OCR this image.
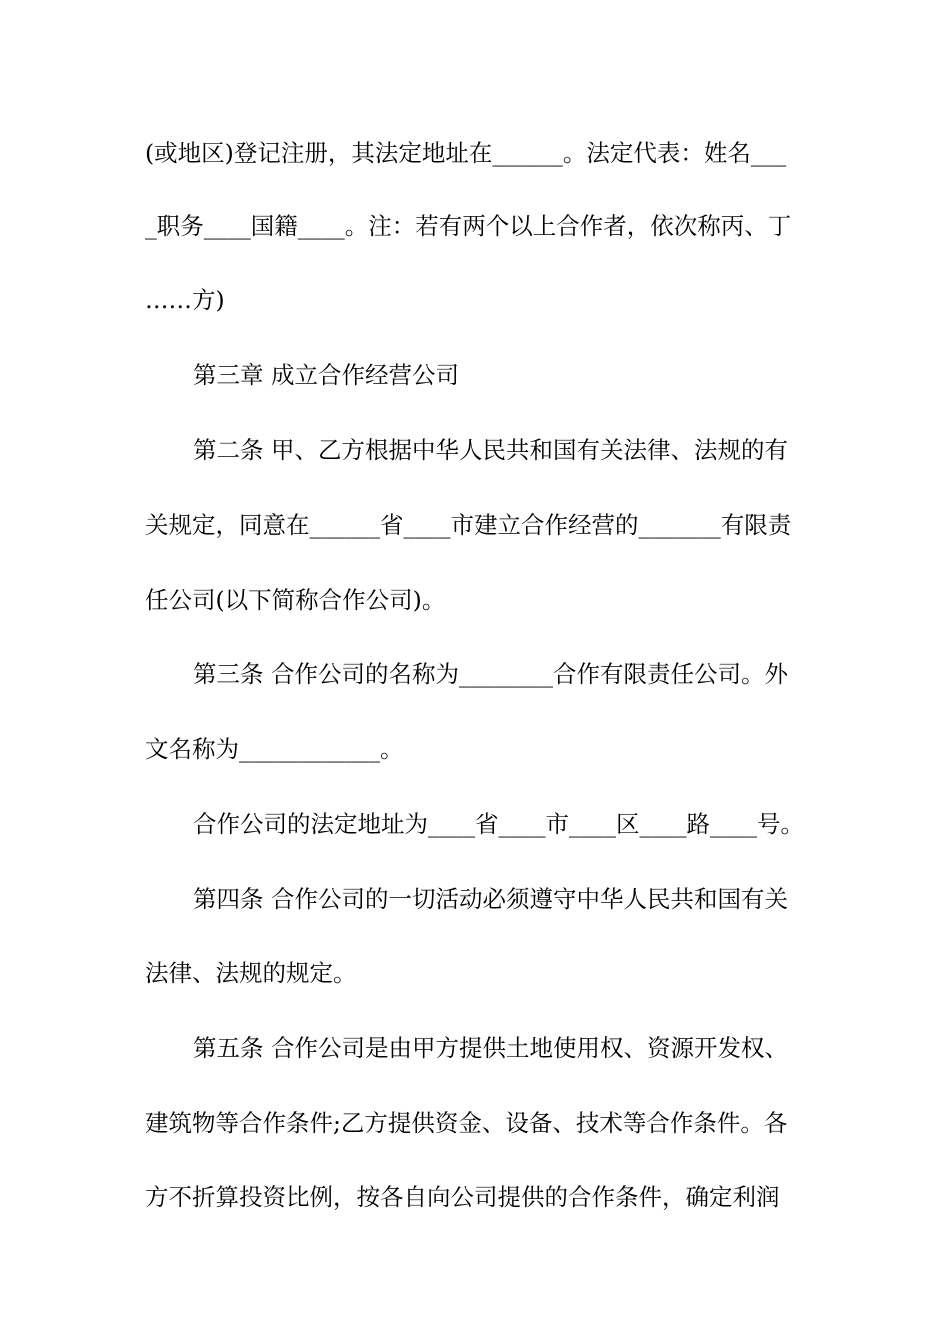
(或地区)登记注册，其法定地址在______。法定代表：姓名___
_职务____国籍____。注：若有两个以上合作者，依次称丙、丁
……方)
第三章 成立合作经营公司
第二条 甲、乙方根据中华人民共和国有关法律、法规的有
关规定，同意在______省____市建立合作经营的_______有限责
任公司(以下简称合作公司)。
第三条 合作公司的名称为________合作有限责任公司。外
文名称为____________。
合作公司的法定地址为____省____市____区____路____号。
第四条 合作公司的一切活动必须遵守中华人民共和国有关
法律、法规的规定。
第五条 合作公司是由甲方提供土地使用权、资源开发权、
建筑物等合作条件;乙方提供资金、设备、技术等合作条件。各
方不折算投资比例，按各自向公司提供的合作条件，确定利润
